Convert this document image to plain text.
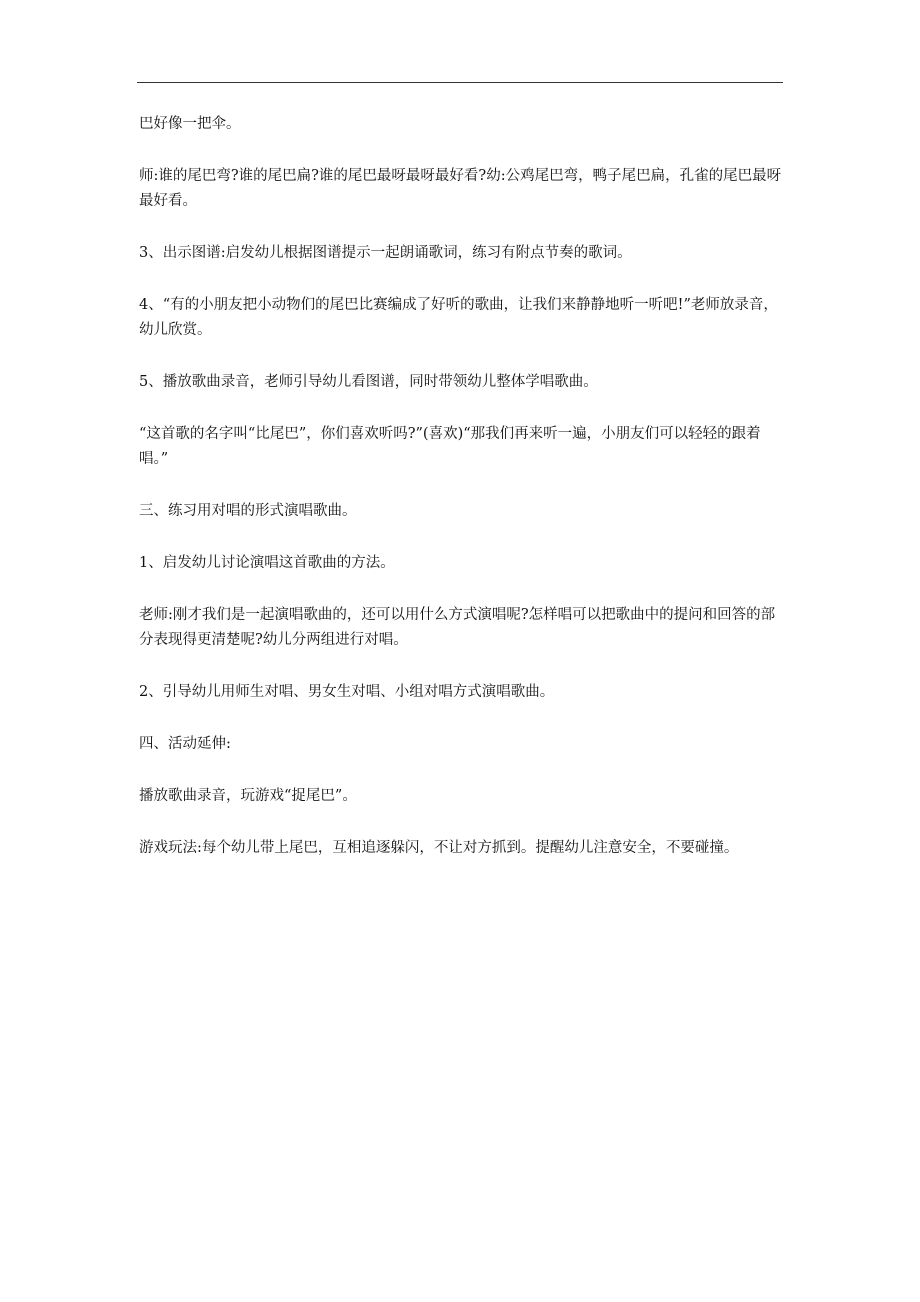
巴好像一把伞。

师:谁的尾巴弯?谁的尾巴扁?谁的尾巴最呀最呀最好看?幼:公鸡尾巴弯，鸭子尾巴扁，孔雀的尾巴最呀最好看。

3、出示图谱:启发幼儿根据图谱提示一起朗诵歌词，练习有附点节奏的歌词。

4、“有的小朋友把小动物们的尾巴比赛编成了好听的歌曲，让我们来静静地听一听吧!”老师放录音，幼儿欣赏。

5、播放歌曲录音，老师引导幼儿看图谱，同时带领幼儿整体学唱歌曲。

“这首歌的名字叫“比尾巴”，你们喜欢听吗?”(喜欢)“那我们再来听一遍，小朋友们可以轻轻的跟着唱。”

三、练习用对唱的形式演唱歌曲。

1、启发幼儿讨论演唱这首歌曲的方法。

老师:刚才我们是一起演唱歌曲的，还可以用什么方式演唱呢?怎样唱可以把歌曲中的提问和回答的部分表现得更清楚呢?幼儿分两组进行对唱。

2、引导幼儿用师生对唱、男女生对唱、小组对唱方式演唱歌曲。

四、活动延伸:

播放歌曲录音，玩游戏“捉尾巴”。

游戏玩法:每个幼儿带上尾巴，互相追逐躲闪，不让对方抓到。提醒幼儿注意安全，不要碰撞。
